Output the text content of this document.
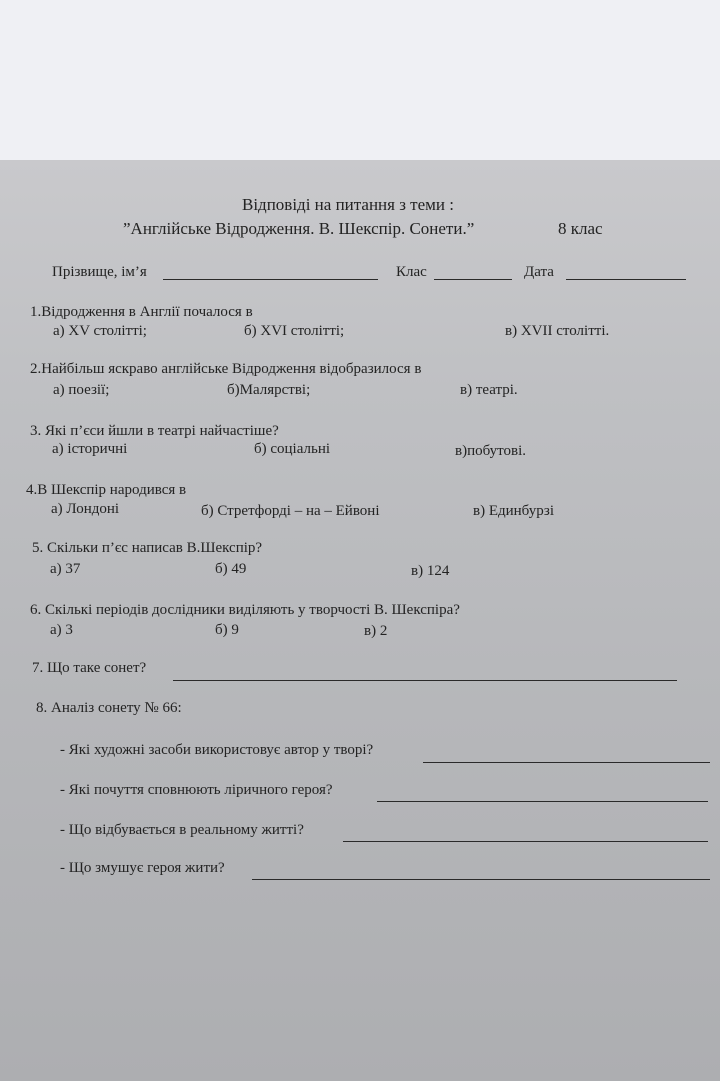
Відповіді на питання з теми :
”Англійське Відродження. В. Шекспір. Сонети.”	8 клас
Прізвище, ім’я	Клас	Дата
1.Відродження в Англії почалося в
а) XV столітті;	б) XVI столітті;	в) XVII столітті.
2.Найбільш яскраво англійське Відродження відобразилося в
а) поезії;	б)Малярстві;	в) театрі.
3. Які п’єси йшли в театрі найчастіше?
а) історичні	б) соціальні	в)побутові.
4.В Шекспір народився в
а) Лондоні	б) Стретфорді – на – Ейвоні	в) Единбурзі
5. Скільки п’єс написав В.Шекспір?
а) 37	б) 49	в) 124
6. Скількі періодів дослідники виділяють у творчості В. Шекспіра?
а) 3	б) 9	в) 2
7. Що таке сонет?
8. Аналіз сонету № 66:
- Які художні засоби використовує автор у творі?
- Які почуття сповнюють ліричного героя?
- Що відбувається в реальному житті?
- Що змушує героя жити?
